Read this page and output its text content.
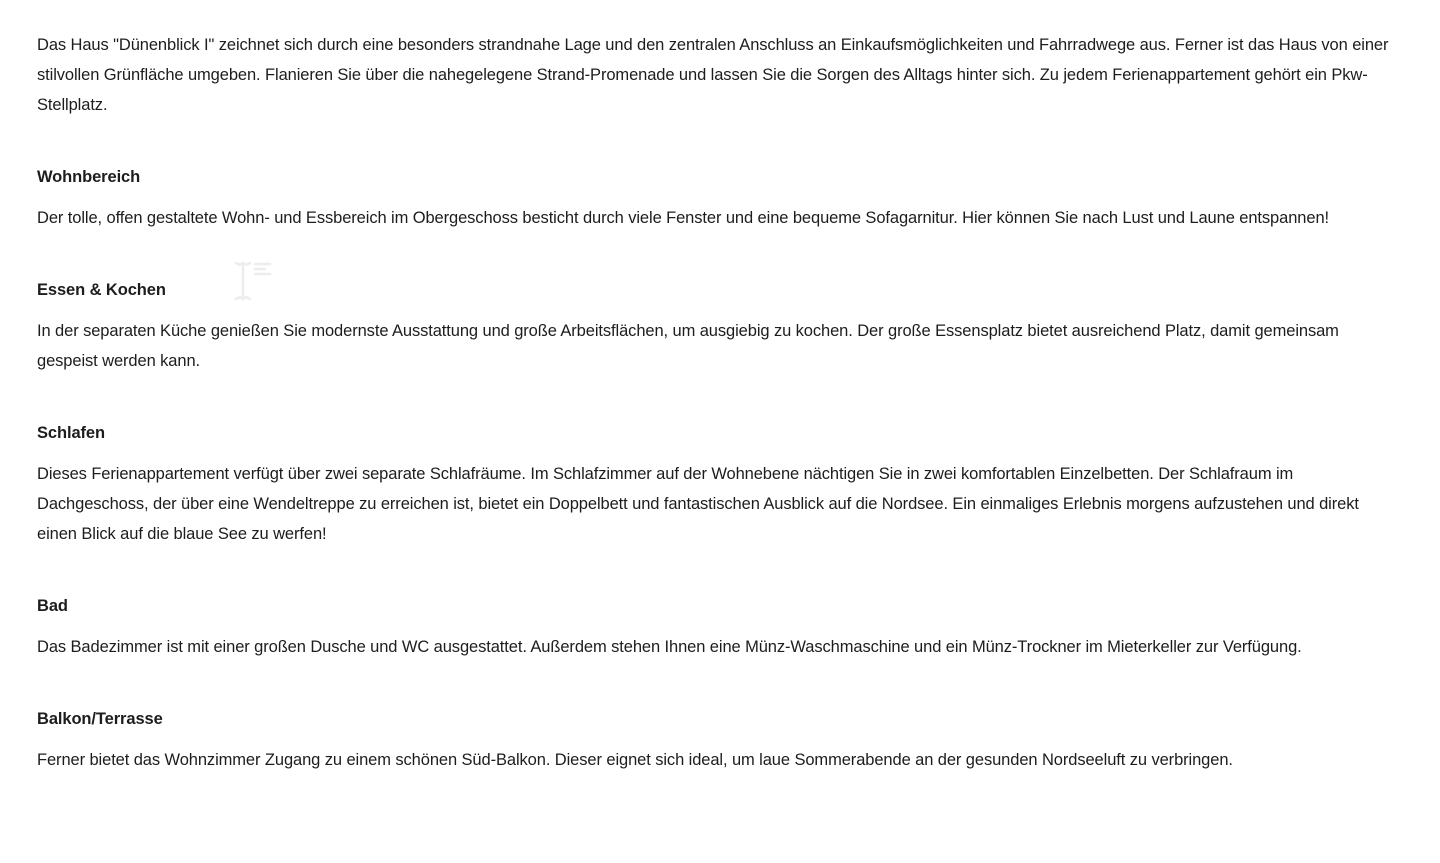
Das Haus "Dünenblick I" zeichnet sich durch eine besonders strandnahe Lage und den zentralen Anschluss an Einkaufsmöglichkeiten und Fahrradwege aus. Ferner ist das Haus von einer stilvollen Grünfläche umgeben. Flanieren Sie über die nahegelegene Strand-Promenade und lassen Sie die Sorgen des Alltags hinter sich. Zu jedem Ferienappartement gehört ein Pkw-Stellplatz.

Wohnbereich

Der tolle, offen gestaltete Wohn- und Essbereich im Obergeschoss besticht durch viele Fenster und eine bequeme Sofagarnitur. Hier können Sie nach Lust und Laune entspannen!

Essen & Kochen

In der separaten Küche genießen Sie modernste Ausstattung und große Arbeitsflächen, um ausgiebig zu kochen. Der große Essensplatz bietet ausreichend Platz, damit gemeinsam gespeist werden kann.

Schlafen

Dieses Ferienappartement verfügt über zwei separate Schlafräume. Im Schlafzimmer auf der Wohnebene nächtigen Sie in zwei komfortablen Einzelbetten. Der Schlafraum im Dachgeschoss, der über eine Wendeltreppe zu erreichen ist, bietet ein Doppelbett und fantastischen Ausblick auf die Nordsee. Ein einmaliges Erlebnis morgens aufzustehen und direkt einen Blick auf die blaue See zu werfen!

Bad

Das Badezimmer ist mit einer großen Dusche und WC ausgestattet. Außerdem stehen Ihnen eine Münz-Waschmaschine und ein Münz-Trockner im Mieterkeller zur Verfügung.

Balkon/Terrasse

Ferner bietet das Wohnzimmer Zugang zu einem schönen Süd-Balkon. Dieser eignet sich ideal, um laue Sommerabende an der gesunden Nordseeluft zu verbringen.
